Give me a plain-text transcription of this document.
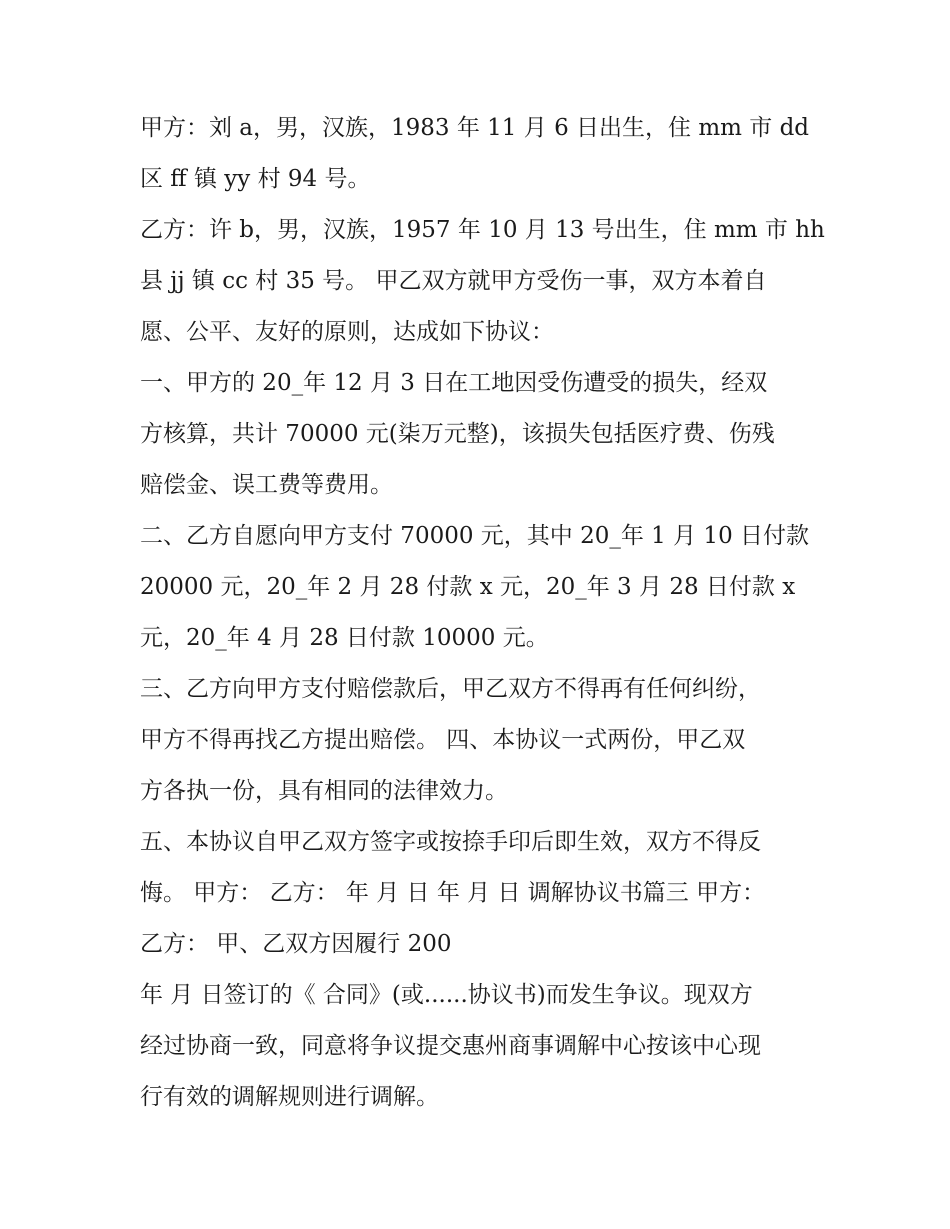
甲方：刘 a，男，汉族，1983 年 11 月 6 日出生，住 mm 市 dd

区 ff 镇 yy 村 94 号。

乙方：许 b，男，汉族，1957 年 10 月 13 号出生，住 mm 市 hh

县 jj 镇 cc 村 35 号。 甲乙双方就甲方受伤一事，双方本着自

愿、公平、友好的原则，达成如下协议：

一、甲方的 20_年 12 月 3 日在工地因受伤遭受的损失，经双

方核算，共计 70000 元(柒万元整)，该损失包括医疗费、伤残

赔偿金、误工费等费用。

二、乙方自愿向甲方支付 70000 元，其中 20_年 1 月 10 日付款

20000 元，20_年 2 月 28 付款 x 元，20_年 3 月 28 日付款 x

元，20_年 4 月 28 日付款 10000 元。

三、乙方向甲方支付赔偿款后，甲乙双方不得再有任何纠纷，

甲方不得再找乙方提出赔偿。 四、本协议一式两份，甲乙双

方各执一份，具有相同的法律效力。

五、本协议自甲乙双方签字或按捺手印后即生效，双方不得反

悔。 甲方： 乙方： 年 月 日 年 月 日 调解协议书篇三 甲方：

乙方： 甲、乙双方因履行 200

年 月 日签订的《 合同》(或......协议书)而发生争议。现双方

经过协商一致，同意将争议提交惠州商事调解中心按该中心现

行有效的调解规则进行调解。
